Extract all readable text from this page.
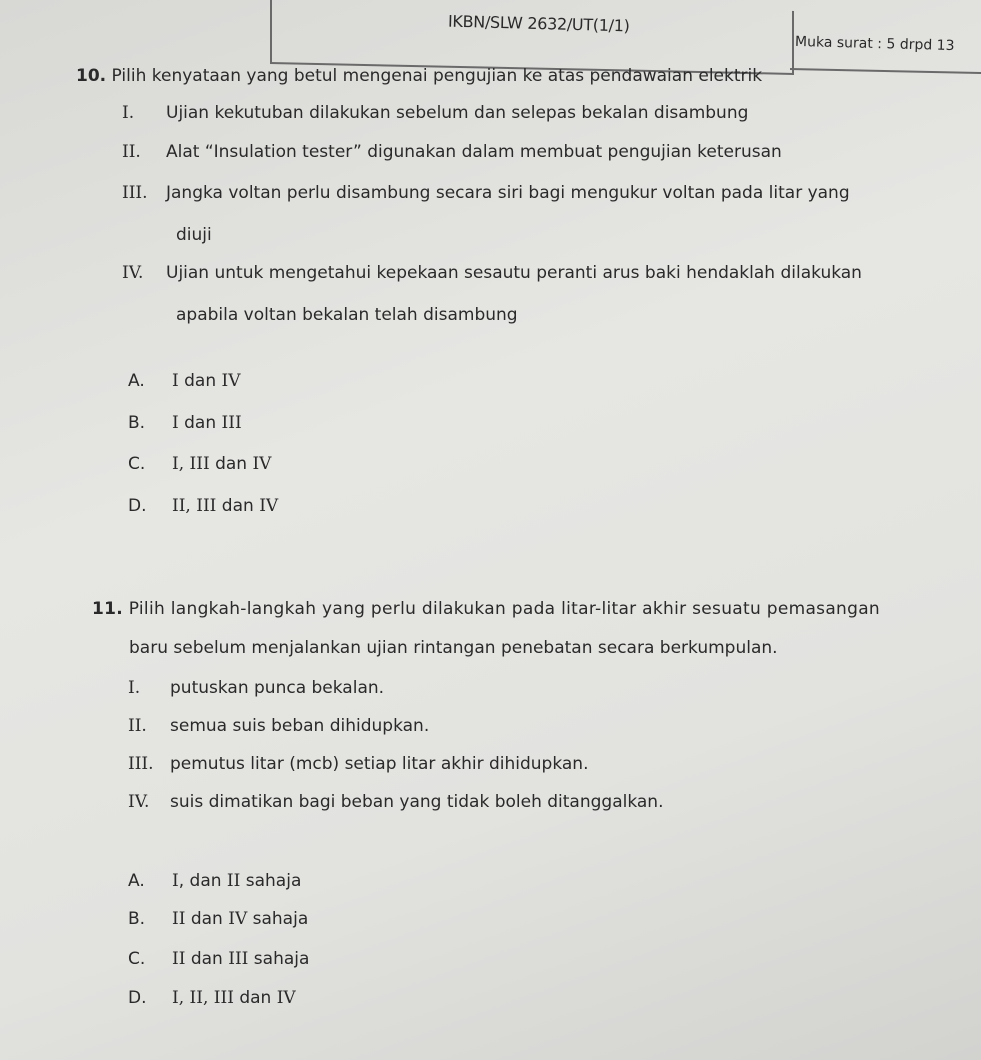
IKBN/SLW 2632/UT(1/1)
Muka surat : 5 drpd 13
10. Pilih kenyataan yang betul mengenai pengujian ke atas pendawaian elektrik
I. Ujian kekutuban dilakukan sebelum dan selepas bekalan disambung
II. Alat “Insulation tester” digunakan dalam membuat pengujian keterusan
III. Jangka voltan perlu disambung secara siri bagi mengukur voltan pada litar yang
diuji
IV. Ujian untuk mengetahui kepekaan sesautu peranti arus baki hendaklah dilakukan
apabila voltan bekalan telah disambung
A. I dan IV
B. I dan III
C. I, III dan IV
D. II, III dan IV
11. Pilih langkah-langkah yang perlu dilakukan pada litar-litar akhir sesuatu pemasangan
baru sebelum menjalankan ujian rintangan penebatan secara berkumpulan.
I. putuskan punca bekalan.
II. semua suis beban dihidupkan.
III. pemutus litar (mcb) setiap litar akhir dihidupkan.
IV. suis dimatikan bagi beban yang tidak boleh ditanggalkan.
A. I, dan II sahaja
B. II dan IV sahaja
C. II dan III sahaja
D. I, II, III dan IV
